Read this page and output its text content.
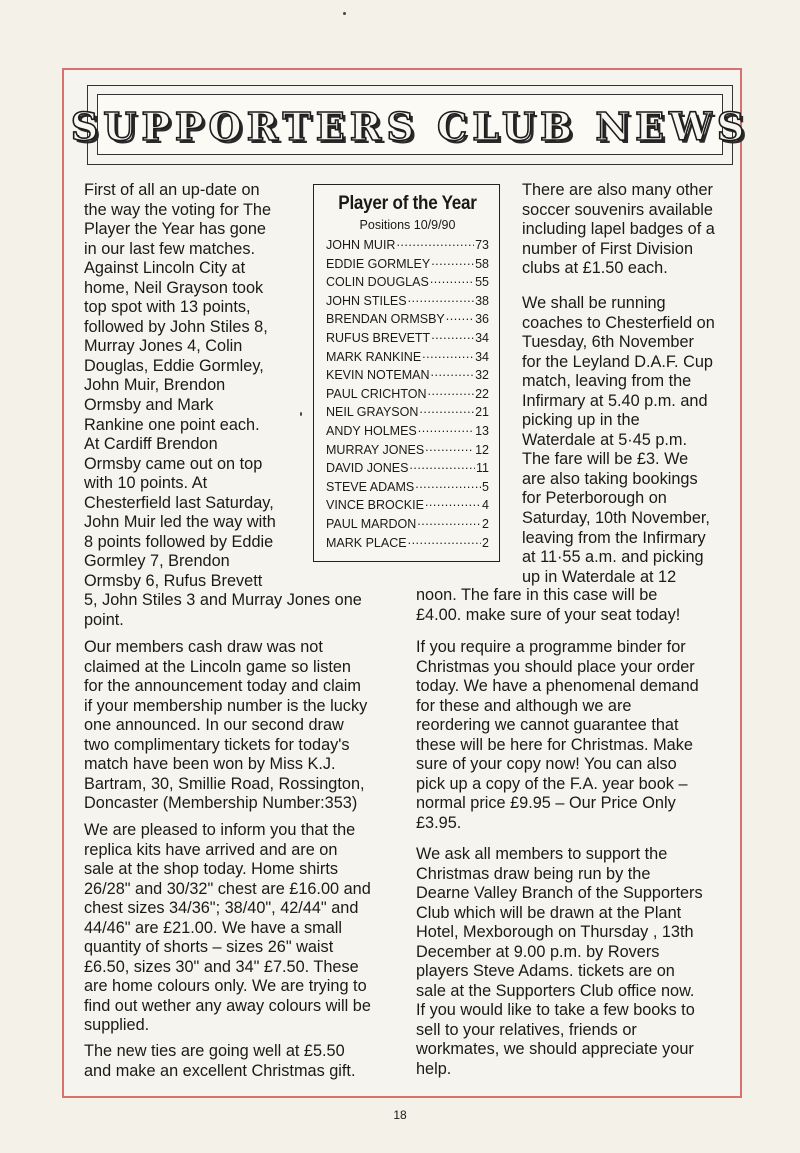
SUPPORTERS CLUB NEWS
First of all an up-date on
the way the voting for The
Player the Year has gone
in our last few matches.
Against Lincoln City at
home, Neil Grayson took
top spot with 13 points,
followed by John Stiles 8,
Murray Jones 4, Colin
Douglas, Eddie Gormley,
John Muir, Brendon
Ormsby and Mark
Rankine one point each.
At Cardiff Brendon
Ormsby came out on top
with 10 points. At
Chesterfield last Saturday,
John Muir led the way with
8 points followed by Eddie
Gormley 7, Brendon
Ormsby 6, Rufus Brevett
5, John Stiles 3 and Murray Jones one
point.
Our members cash draw was not
claimed at the Lincoln game so listen
for the announcement today and claim
if your membership number is the lucky
one announced. In our second draw
two complimentary tickets for today's
match have been won by Miss K.J.
Bartram, 30, Smillie Road, Rossington,
Doncaster (Membership Number:353)
We are pleased to inform you that the
replica kits have arrived and are on
sale at the shop today. Home shirts
26/28" and 30/32" chest are £16.00 and
chest sizes 34/36"; 38/40", 42/44" and
44/46" are £21.00. We have a small
quantity of shorts – sizes 26" waist
£6.50, sizes 30" and 34" £7.50. These
are home colours only. We are trying to
find out wether any away colours will be
supplied.
The new ties are going well at £5.50
and make an excellent Christmas gift.

Player of the Year

Positions 10/9/90

JOHN MUIR .....	73
EDDIE GORMLEY .....	58
COLIN DOUGLAS .....	55
JOHN STILES .....	38
BRENDAN ORMSBY ..... 36
RUFUS BREVETT .....	34
MARK RANKINE .....	34
KEVIN NOTEMAN .....	32
PAUL CRICHTON .....	22
NEIL GRAYSON .....	21
ANDY HOLMES .....	13
MURRAY JONES .....	12
DAVID JONES .....	11
STEVE ADAMS .....	5
VINCE BROCKIE .....	4
PAUL MARDON .....	2
MARK PLACE .....	2
There are also many other
soccer souvenirs available
including lapel badges of a
number of First Division
clubs at £1.50 each.
We shall be running
coaches to Chesterfield on
Tuesday, 6th November
for the Leyland D.A.F. Cup
match, leaving from the
Infirmary at 5.40 p.m. and
picking up in the
Waterdale at 5·45 p.m.
The fare will be £3. We
are also taking bookings
for Peterborough on
Saturday, 10th November,
leaving from the Infirmary
at 11·55 a.m. and picking
up in Waterdale at 12
noon. The fare in this case will be
£4.00. make sure of your seat today!
If you require a programme binder for
Christmas you should place your order
today. We have a phenomenal demand
for these and although we are
reordering we cannot guarantee that
these will be here for Christmas. Make
sure of your copy now! You can also
pick up a copy of the F.A. year book –
normal price £9.95 – Our Price Only
£3.95.
We ask all members to support the
Christmas draw being run by the
Dearne Valley Branch of the Supporters
Club which will be drawn at the Plant
Hotel, Mexborough on Thursday , 13th
December at 9.00 p.m. by Rovers
players Steve Adams. tickets are on
sale at the Supporters Club office now.
If you would like to take a few books to
sell to your relatives, friends or
workmates, we should appreciate your
help.
18
